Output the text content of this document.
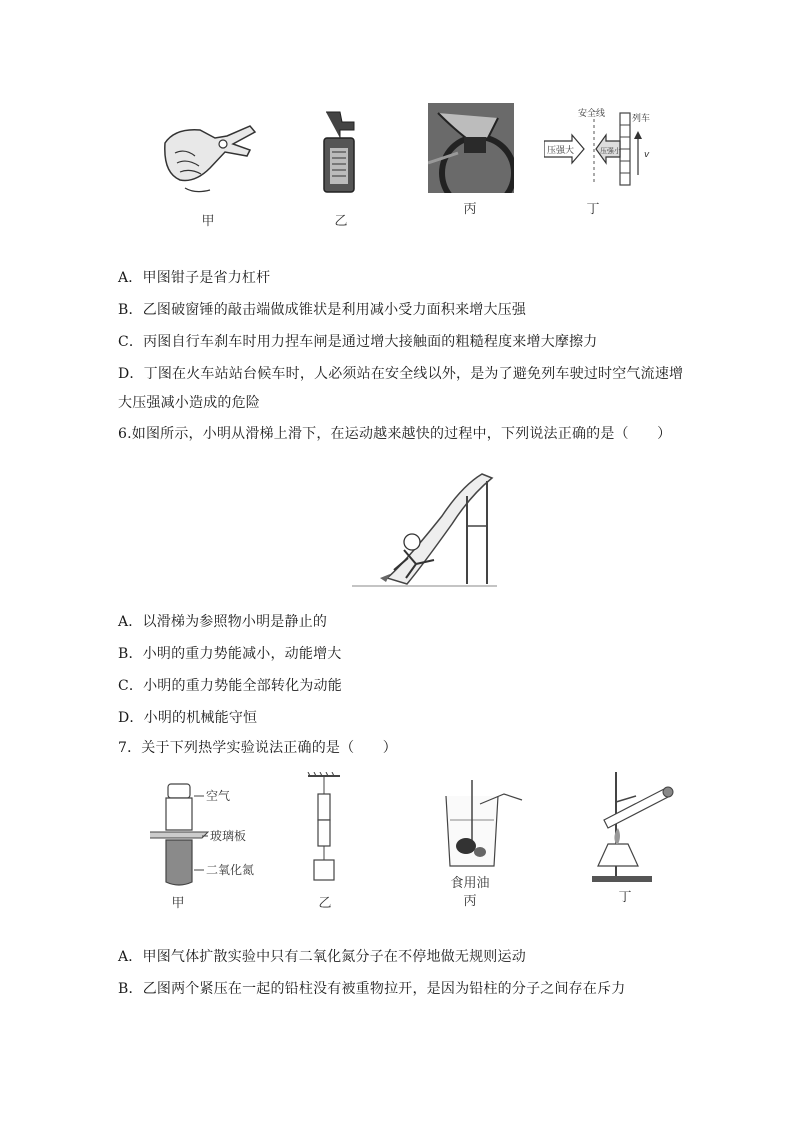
甲	乙
丙
安全线	列车
压强大	压强小	v
丁
A．甲图钳子是省力杠杆
B．乙图破窗锤的敲击端做成锥状是利用减小受力面积来增大压强
C．丙图自行车刹车时用力捏车闸是通过增大接触面的粗糙程度来增大摩擦力
D．丁图在火车站站台候车时，人必须站在安全线以外，是为了避免列车驶过时空气流速增
大压强减小造成的危险
6.如图所示，小明从滑梯上滑下，在运动越来越快的过程中，下列说法正确的是（　　）
A．以滑梯为参照物小明是静止的
B．小明的重力势能减小，动能增大
C．小明的重力势能全部转化为动能
D．小明的机械能守恒
7．关于下列热学实验说法正确的是（　　）
空气
玻璃板
二氧化氮
甲	乙
食用油
丙	丁
A．甲图气体扩散实验中只有二氧化氮分子在不停地做无规则运动
B．乙图两个紧压在一起的铅柱没有被重物拉开，是因为铅柱的分子之间存在斥力
